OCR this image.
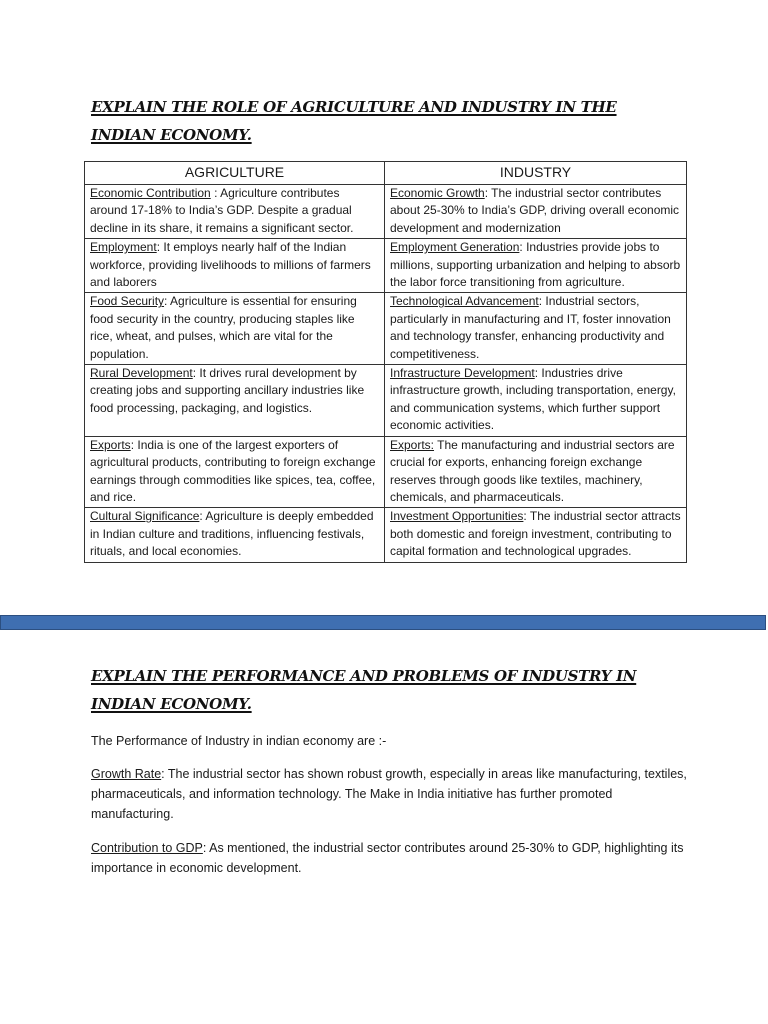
EXPLAIN THE ROLE OF AGRICULTURE AND INDUSTRY IN THE INDIAN ECONOMY.
AGRICULTURE	INDUSTRY
Economic Contribution : Agriculture contributes around 17-18% to India’s GDP. Despite a gradual decline in its share, it remains a significant sector.	Economic Growth: The industrial sector contributes about 25-30% to India’s GDP, driving overall economic development and modernization
Employment: It employs nearly half of the Indian workforce, providing livelihoods to millions of farmers and laborers	Employment Generation: Industries provide jobs to millions, supporting urbanization and helping to absorb the labor force transitioning from agriculture.
Food Security: Agriculture is essential for ensuring food security in the country, producing staples like rice, wheat, and pulses, which are vital for the population.	Technological Advancement: Industrial sectors, particularly in manufacturing and IT, foster innovation and technology transfer, enhancing productivity and competitiveness.
Rural Development: It drives rural development by creating jobs and supporting ancillary industries like food processing, packaging, and logistics.	Infrastructure Development: Industries drive infrastructure growth, including transportation, energy, and communication systems, which further support economic activities.
Exports: India is one of the largest exporters of agricultural products, contributing to foreign exchange earnings through commodities like spices, tea, coffee, and rice.	Exports: The manufacturing and industrial sectors are crucial for exports, enhancing foreign exchange reserves through goods like textiles, machinery, chemicals, and pharmaceuticals.
Cultural Significance: Agriculture is deeply embedded in Indian culture and traditions, influencing festivals, rituals, and local economies.	Investment Opportunities: The industrial sector attracts both domestic and foreign investment, contributing to capital formation and technological upgrades.
EXPLAIN THE PERFORMANCE AND PROBLEMS OF INDUSTRY IN INDIAN ECONOMY.

The Performance of Industry in indian economy are :-

Growth Rate: The industrial sector has shown robust growth, especially in areas like manufacturing, textiles, pharmaceuticals, and information technology. The Make in India initiative has further promoted manufacturing.

Contribution to GDP: As mentioned, the industrial sector contributes around 25-30% to GDP, highlighting its importance in economic development.
